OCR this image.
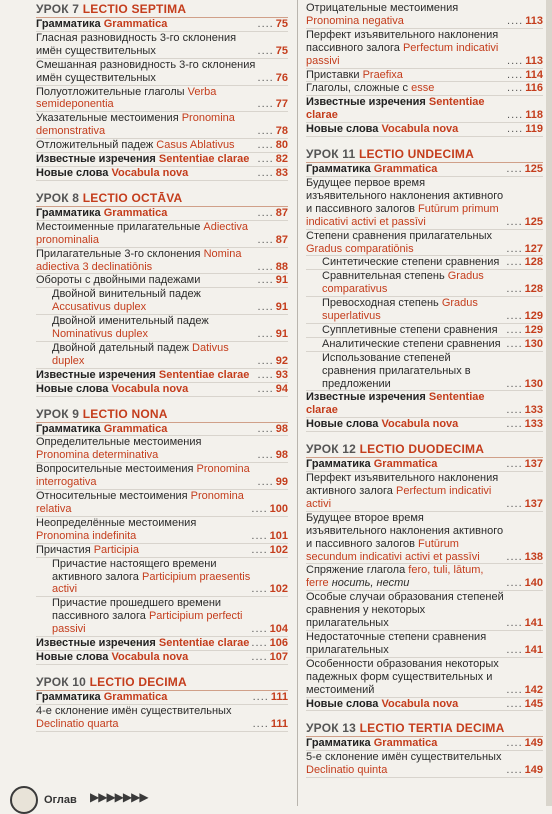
УРОК 7 LECTIO SEPTIMA
Грамматика Grammatica	.... 75
Гласная разновидность 3-го склонения имён существительных	.... 75
Смешанная разновидность 3-го склонения имён существительных	.... 76
Полуотложительные глаголы Verba semideponentia	.... 77
Указательные местоимения Pronomina demonstrativa	.... 78
Отложительный падеж Casus Ablativus	.... 80
Известные изречения Sententiae clarae .... 82
Новые слова Vocabula nova	.... 83
УРОК 8 LECTIO OCTĀVA
Грамматика Grammatica	.... 87
Местоименные прилагательные Adiectiva pronominalia	.... 87
Прилагательные 3-го склонения Nomina adiectiva 3 declinatiōnis	.... 88
Обороты с двойными падежами	.... 91
Двойной винительный падеж Accusativus duplex	.... 91
Двойной именительный падеж Nominativus duplex	.... 91
Двойной дательный падеж Dativus duplex	.... 92
Известные изречения Sententiae clarae .... 93
Новые слова Vocabula nova	.... 94
УРОК 9 LECTIO NONA
Грамматика Grammatica	.... 98
Определительные местоимения Pronomina determinativa	.... 98
Вопросительные местоимения Pronomina interrogativa	.... 99
Относительные местоимения Pronomina relativa	.... 100
Неопределённые местоимения Pronomina indefinita	.... 101
Причастия Participia	.... 102
Причастие настоящего времени активного залога Participium praesentis activi	.... 102
Причастие прошедшего времени пассивного залога Participium perfecti passivi	.... 104
Известные изречения Sententiae clarae .... 106
Новые слова Vocabula nova	.... 107
УРОК 10 LECTIO DECIMA
Грамматика Grammatica	.... 111
4-е склонение имён существительных Declinatio quarta	.... 111
Отрицательные местоимения Pronomina negativa	.... 113
Перфект изъявительного наклонения пассивного залога Perfectum indicativi passivi	.... 113
Приставки Praefixa	.... 114
Глаголы, сложные с esse	.... 116
Известные изречения Sententiae clarae	.... 118
Новые слова Vocabula nova	.... 119
УРОК 11 LECTIO UNDECIMA
Грамматика Grammatica	.... 125
Будущее первое время изъявительного наклонения активного и пассивного залогов Futūrum primum indicativi activi et passīvi	.... 125
Степени сравнения прилагательных Gradus comparatiōnis	.... 127
Синтетические степени сравнения .... 128
Сравнительная степень Gradus comparativus	.... 128
Превосходная степень Gradus superlativus	.... 129
Супплетивные степени сравнения .... 129
Аналитические степени сравнения .... 130
Использование степеней сравнения прилагательных в предложении	.... 130
Известные изречения Sententiae clarae	.... 133
Новые слова Vocabula nova	.... 133
УРОК 12 LECTIO DUODECIMA
Грамматика Grammatica	.... 137
Перфект изъявительного наклонения активного залога Perfectum indicativi activi	.... 137
Будущее второе время изъявительного наклонения активного и пассивного залогов Futūrum secundum indicativi activi et passīvi	.... 138
Спряжение глагола fero, tuli, lātum, ferre носить, нести	.... 140
Особые случаи образования степеней сравнения у некоторых прилагательных	.... 141
Недостаточные степени сравнения прилагательных	.... 141
Особенности образования некоторых падежных форм существительных и местоимений	.... 142
Новые слова Vocabula nova	.... 145
УРОК 13 LECTIO TERTIA DECIMA
Грамматика Grammatica	.... 149
5-е склонение имён существительных Declinatio quinta	.... 149
Оглав ▶▶▶▶▶▶▶
